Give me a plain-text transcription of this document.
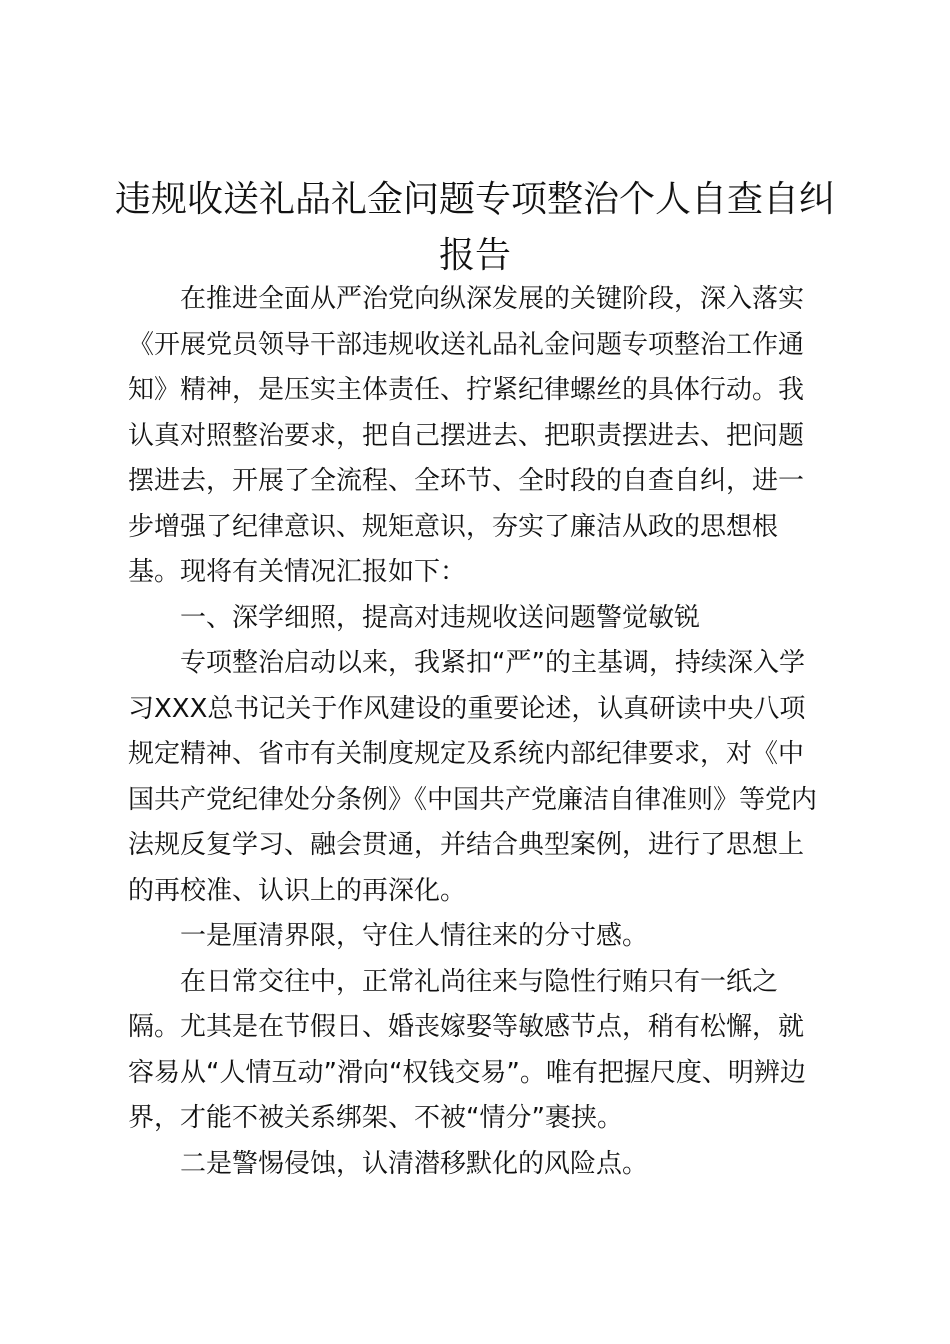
违规收送礼品礼金问题专项整治个人自查自纠报告

在推进全面从严治党向纵深发展的关键阶段，深入落实《开展党员领导干部违规收送礼品礼金问题专项整治工作通知》精神，是压实主体责任、拧紧纪律螺丝的具体行动。我认真对照整治要求，把自己摆进去、把职责摆进去、把问题摆进去，开展了全流程、全环节、全时段的自查自纠，进一步增强了纪律意识、规矩意识，夯实了廉洁从政的思想根基。现将有关情况汇报如下：

一、深学细照，提高对违规收送问题警觉敏锐

专项整治启动以来，我紧扣“严”的主基调，持续深入学习XXX总书记关于作风建设的重要论述，认真研读中央八项规定精神、省市有关制度规定及系统内部纪律要求，对《中国共产党纪律处分条例》《中国共产党廉洁自律准则》等党内法规反复学习、融会贯通，并结合典型案例，进行了思想上的再校准、认识上的再深化。

一是厘清界限，守住人情往来的分寸感。

在日常交往中，正常礼尚往来与隐性行贿只有一纸之隔。尤其是在节假日、婚丧嫁娶等敏感节点，稍有松懈，就容易从“人情互动”滑向“权钱交易”。唯有把握尺度、明辨边界，才能不被关系绑架、不被“情分”裹挟。

二是警惕侵蚀，认清潜移默化的风险点。
